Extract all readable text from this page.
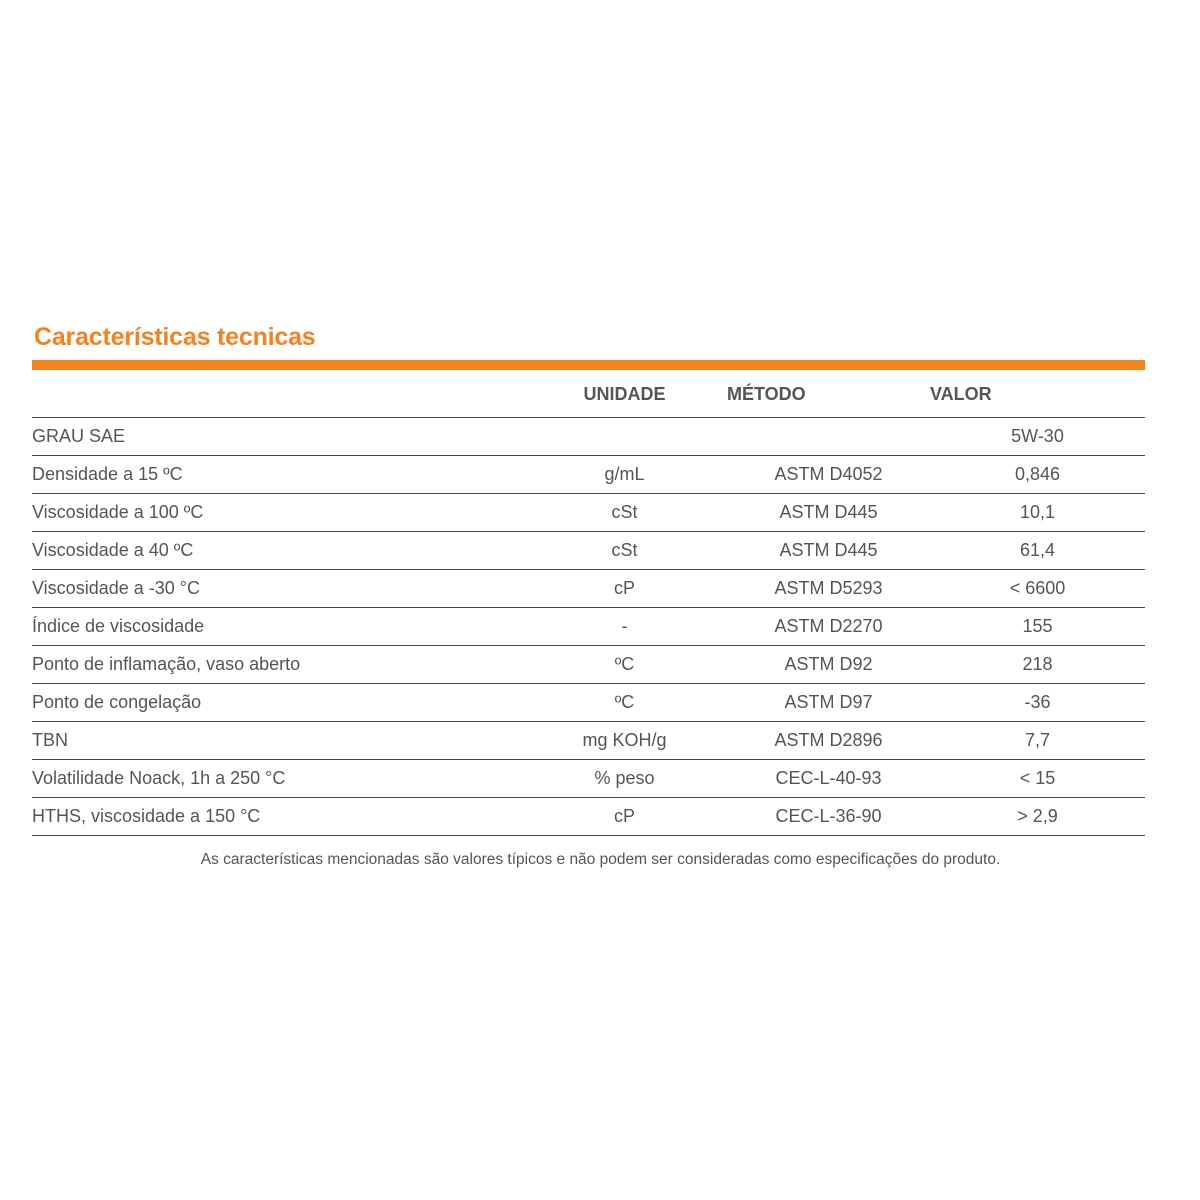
Características tecnicas
	UNIDADE	MÉTODO	VALOR
GRAU SAE			5W-30
Densidade a 15 ºC	g/mL	ASTM D4052	0,846
Viscosidade a 100 ºC	cSt	ASTM D445	10,1
Viscosidade a 40 ºC	cSt	ASTM D445	61,4
Viscosidade a -30 °C	cP	ASTM D5293	< 6600
Índice de viscosidade	-	ASTM D2270	155
Ponto de inflamação, vaso aberto	ºC	ASTM D92	218
Ponto de congelação	ºC	ASTM D97	-36
TBN	mg KOH/g	ASTM D2896	7,7
Volatilidade Noack, 1h a 250 °C	% peso	CEC-L-40-93	< 15
HTHS, viscosidade a 150 °C	cP	CEC-L-36-90	> 2,9
As características mencionadas são valores típicos e não podem ser consideradas como especificações do produto.
